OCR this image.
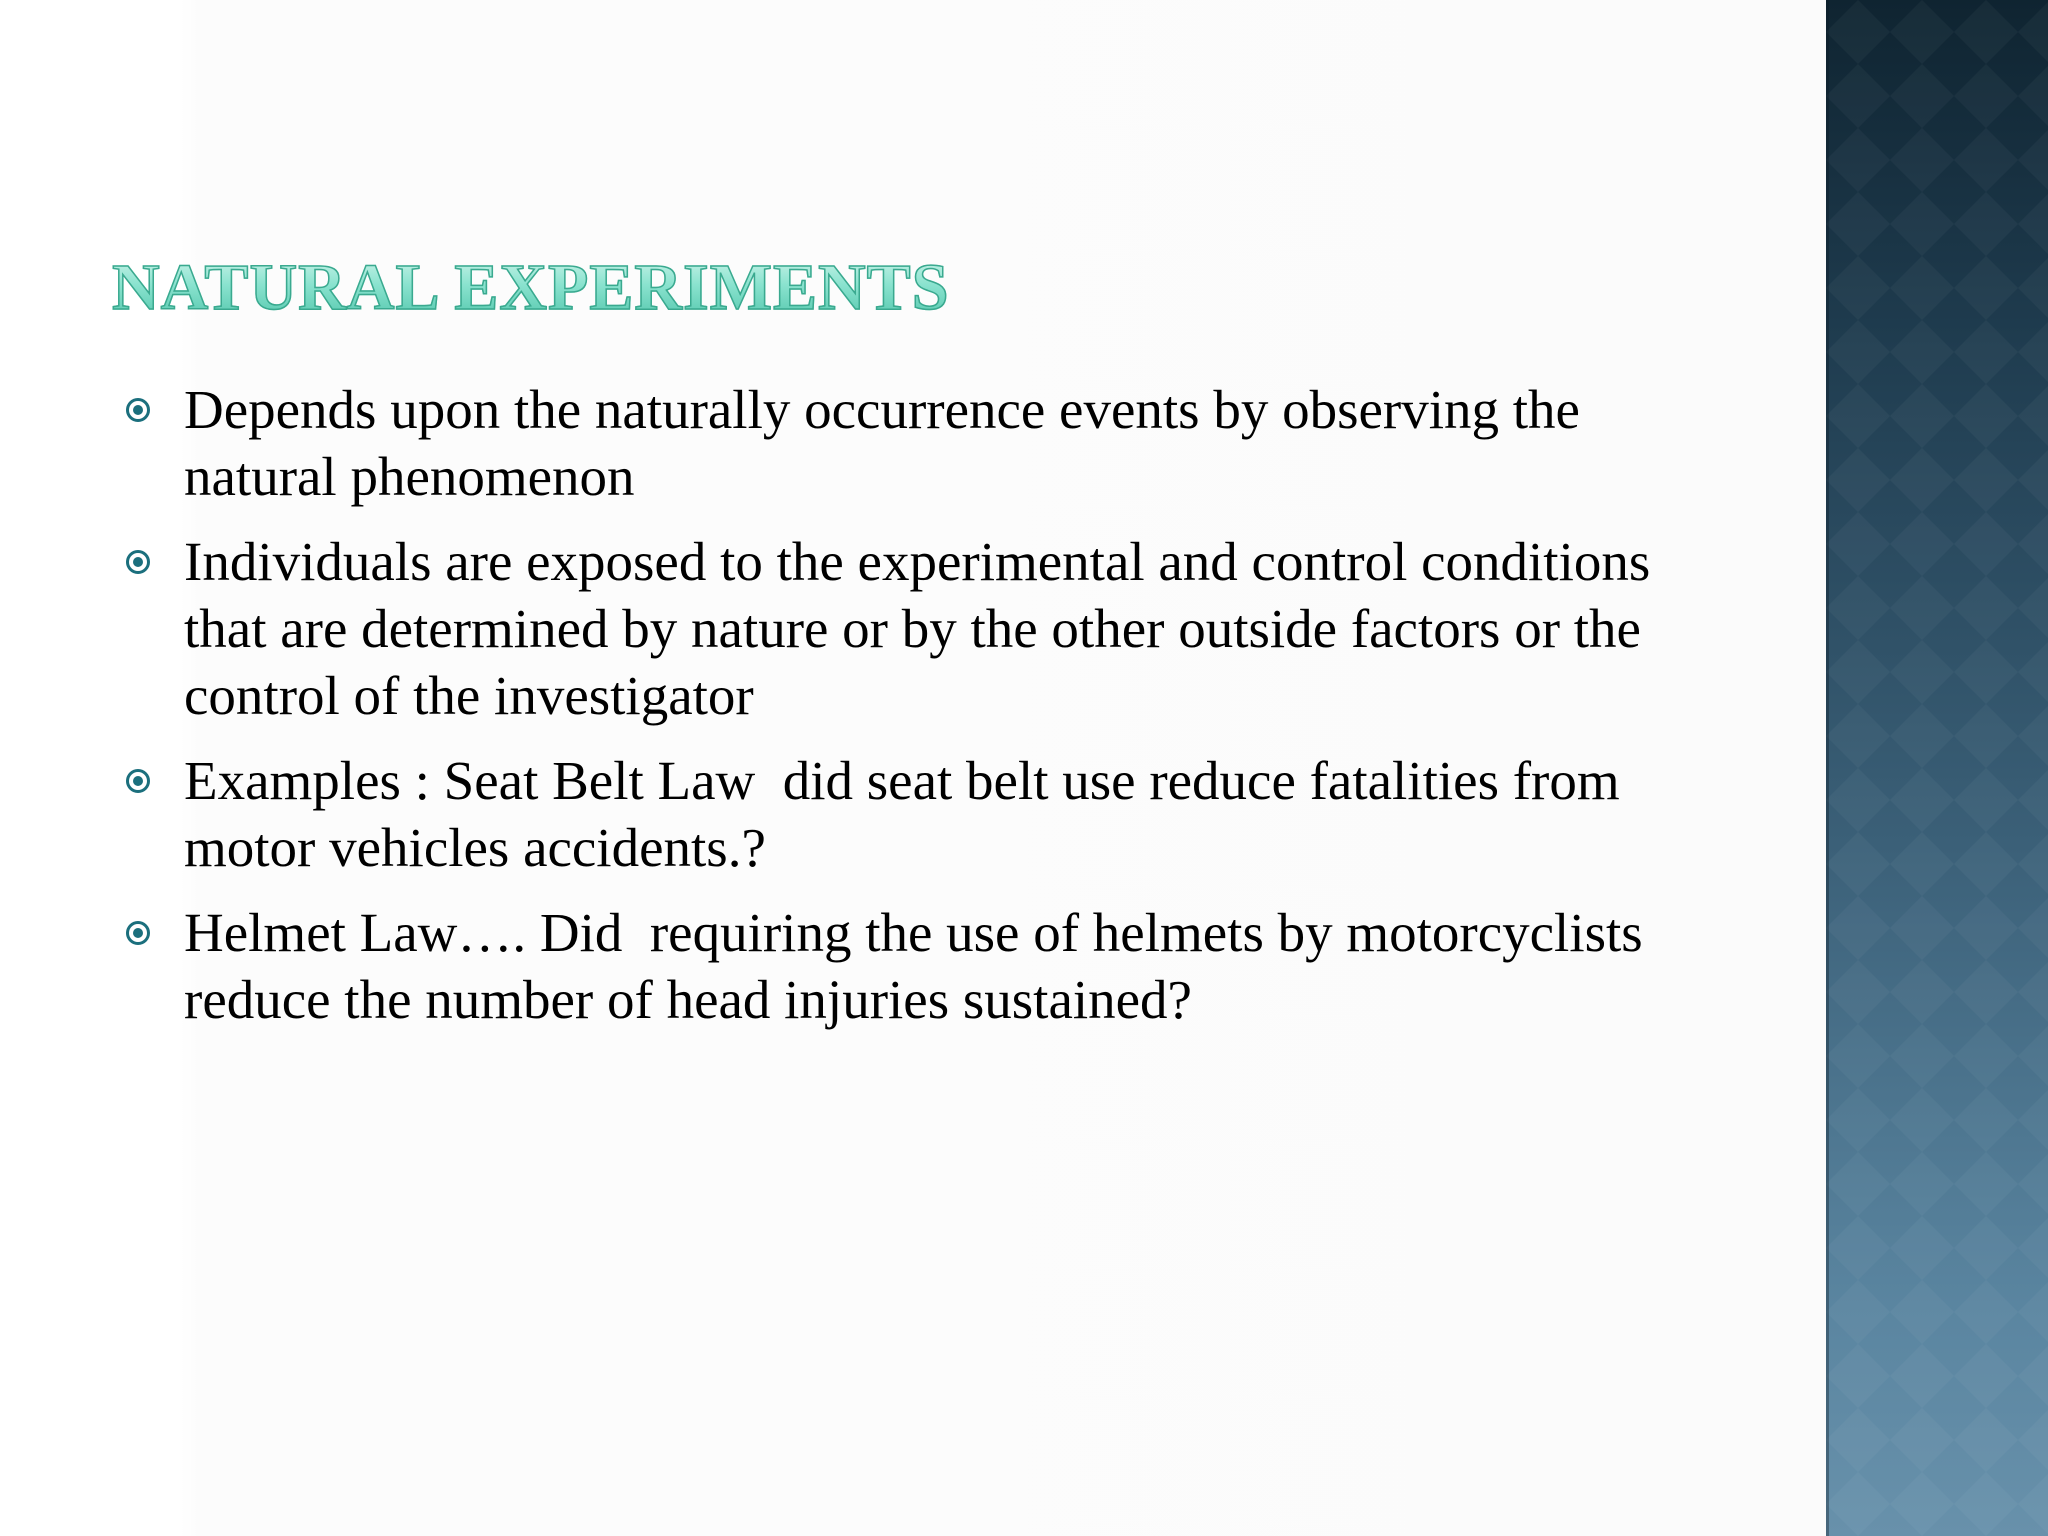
NATURAL EXPERIMENTS
Depends upon the naturally occurrence events by observing the natural phenomenon
Individuals are exposed to the experimental and control conditions that are determined by nature or by the other outside factors or the control of the investigator
Examples : Seat Belt Law  did seat belt use reduce fatalities from motor vehicles accidents.?
Helmet Law…. Did  requiring the use of helmets by motorcyclists reduce the number of head injuries sustained?
